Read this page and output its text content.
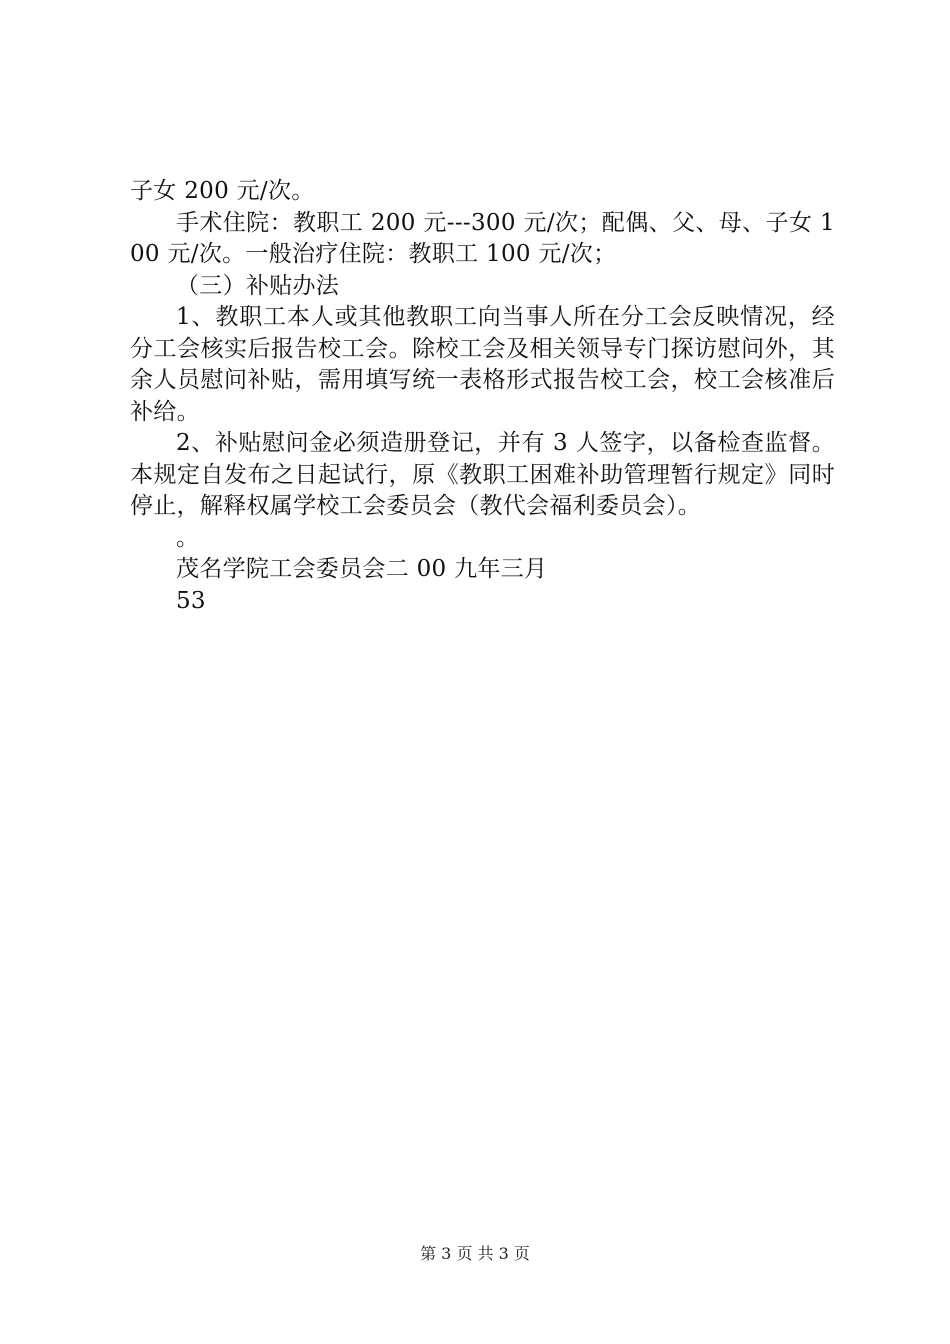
子女 200 元/次。

手术住院：教职工 200 元---300 元/次；配偶、父、母、子女 100 元/次。一般治疗住院：教职工 100 元/次；

（三）补贴办法

1、教职工本人或其他教职工向当事人所在分工会反映情况，经分工会核实后报告校工会。除校工会及相关领导专门探访慰问外，其余人员慰问补贴，需用填写统一表格形式报告校工会，校工会核准后补给。

2、补贴慰问金必须造册登记，并有 3 人签字，以备检查监督。本规定自发布之日起试行，原《教职工困难补助管理暂行规定》同时停止，解释权属学校工会委员会（教代会福利委员会）。

。

茂名学院工会委员会二 00 九年三月

53

第 3 页 共 3 页
